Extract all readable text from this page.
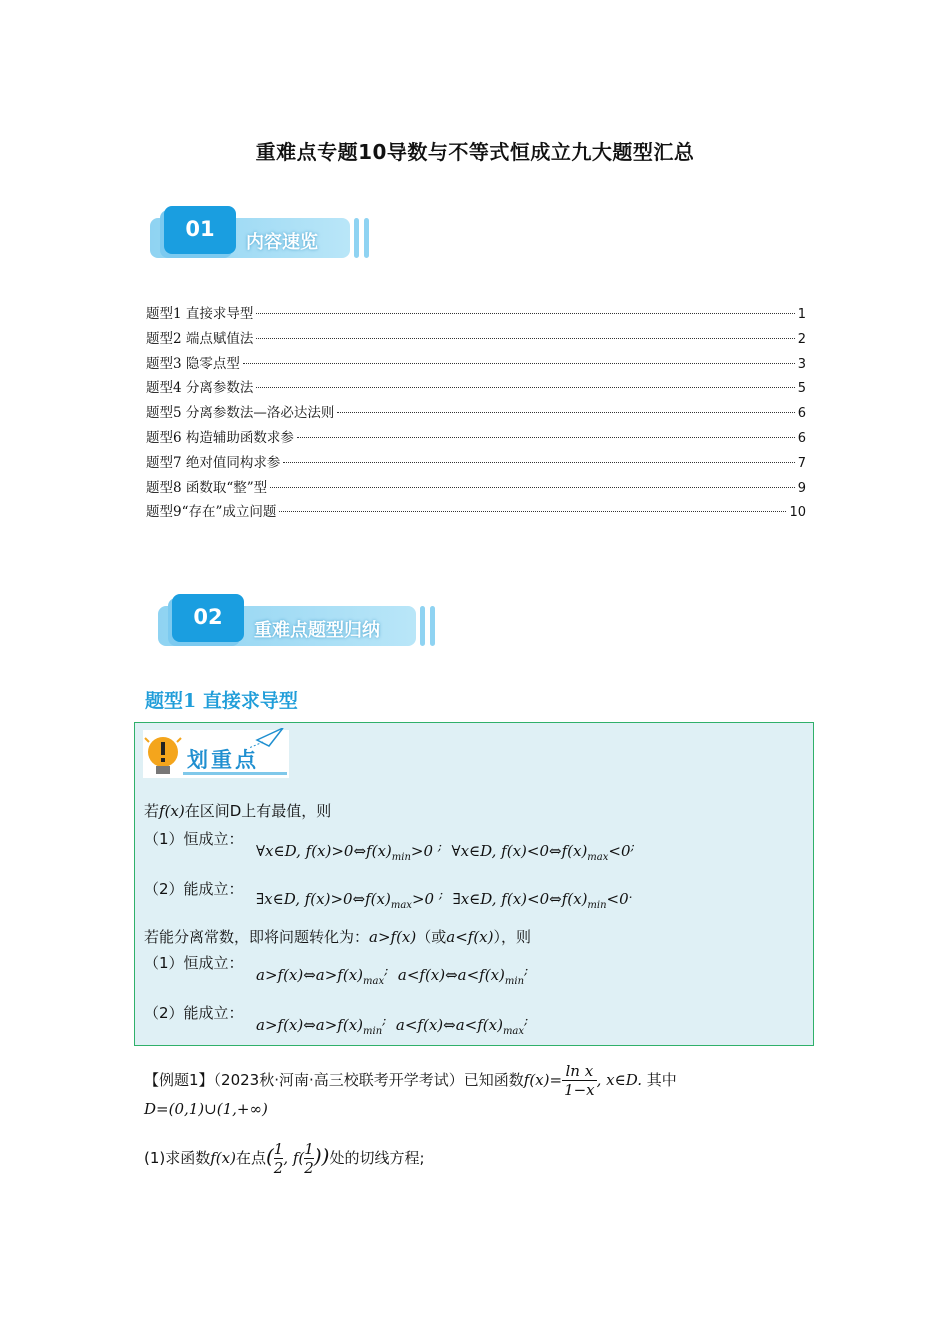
重难点专题10导数与不等式恒成立九大题型汇总
01
内容速览
题型1 直接求导型	1
题型2 端点赋值法	2
题型3 隐零点型	3
题型4 分离参数法	5
题型5 分离参数法—洛必达法则	6
题型6 构造辅助函数求参	6
题型7 绝对值同构求参	7
题型8 函数取“整”型	9
题型9“存在”成立问题	10
02
重难点题型归纳
题型1 直接求导型
划重点
若f(x)在区间D上有最值，则
（1）恒成立：
∀x∈D, $f(x)>0\Leftrightarrow f(x)_{min}>0$ ;  ∀x∈D, $f(x)<0\Leftrightarrow f(x)_{max}<0^;$
（2）能成立：
∃x∈D, $f(x)>0\Leftrightarrow f(x)_{max}>0$ ;  ∃x∈D, $f(x)<0\Leftrightarrow f(x)_{min}<0^.$
若能分离常数，即将问题转化为：a>f(x)（或a<f(x)），则
（1）恒成立：
$a>f(x)\Leftrightarrow a>f(x)_{max}^;$  $a<f(x)\Leftrightarrow a<f(x)_{min}^;$
（2）能成立：
$a>f(x)\Leftrightarrow a>f(x)_{min}^;$  $a<f(x)\Leftrightarrow a<f(x)_{max}^;$
【例题1】（2023秋·河南·高三校联考开学考试）已知函数$f(x)= \frac{\text{ln x}}{1-x}$ , x∈D. 其中
D=(0,1)∪(1,+∞)
(1)求函数f(x)在点( $\frac{1}{2}$ , $f( \frac{1}{2}$ ))处的切线方程;
